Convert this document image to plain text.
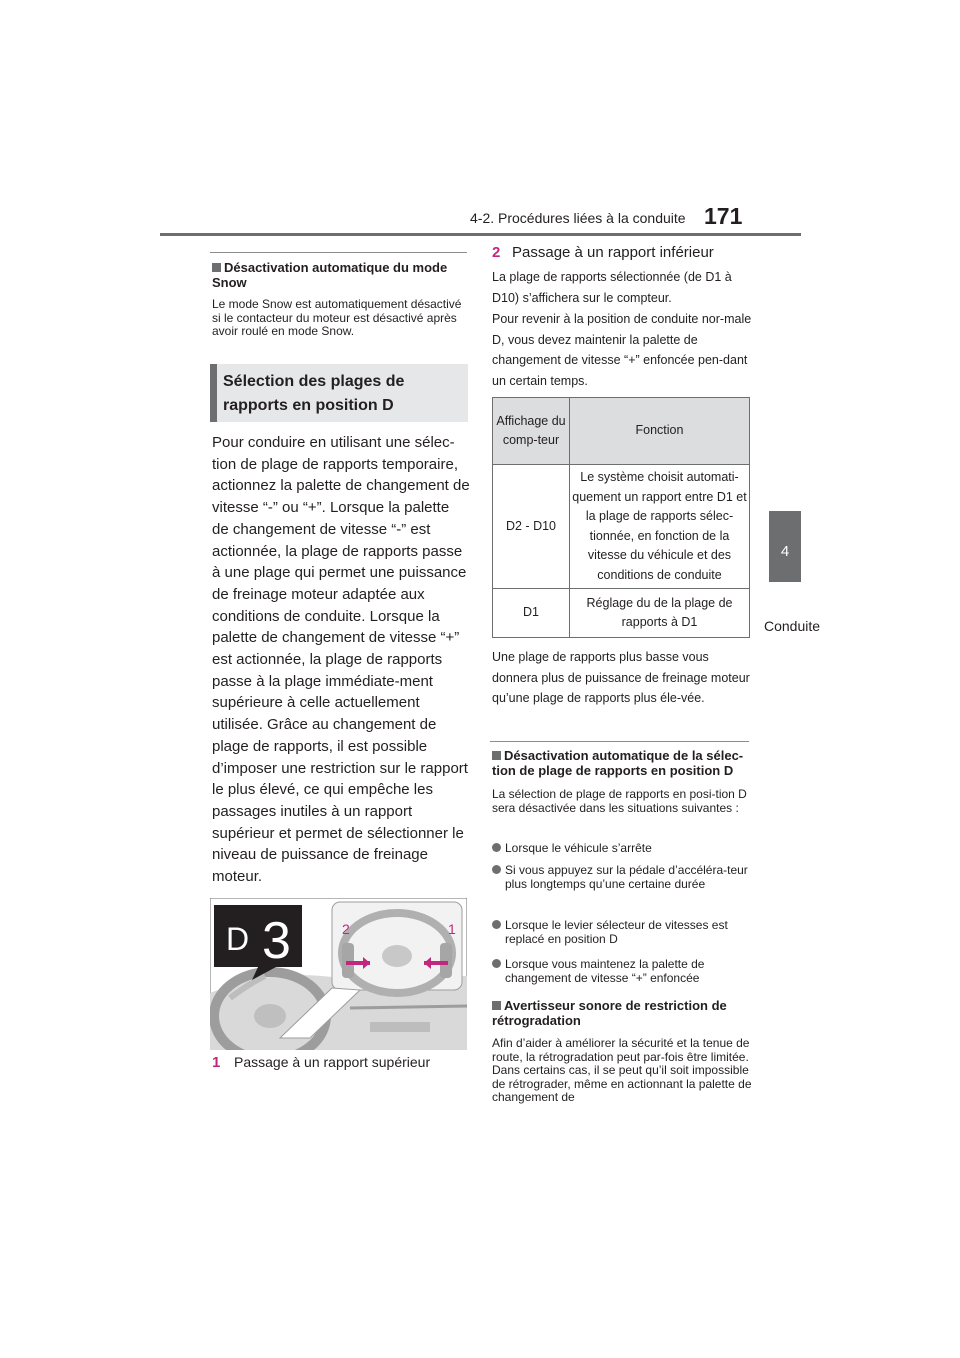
4-2. Procédures liées à la conduite 171
4
Conduite
Désactivation automatique du mode Snow
Le mode Snow est automatiquement désactivé si le contacteur du moteur est désactivé après avoir roulé en mode Snow.
Sélection des plages de rapports en position D
Pour conduire en utilisant une sélec-tion de plage de rapports temporaire, actionnez la palette de changement de vitesse “-” ou “+”. Lorsque la palette de changement de vitesse “-” est actionnée, la plage de rapports passe à une plage qui permet une puissance de freinage moteur adaptée aux conditions de conduite. Lorsque la palette de changement de vitesse “+” est actionnée, la plage de rapports passe à la plage immédiate-ment supérieure à celle actuellement utilisée. Grâce au changement de plage de rapports, il est possible d’imposer une restriction sur le rapport le plus élevé, ce qui empêche les passages inutiles à un rapport supérieur et permet de sélectionner le niveau de puissance de freinage moteur.
D 3	2	1
1 Passage à un rapport supérieur
2 Passage à un rapport inférieur
La plage de rapports sélectionnée (de D1 à D10) s’affichera sur le compteur.
Pour revenir à la position de conduite nor-male D, vous devez maintenir la palette de changement de vitesse “+” enfoncée pen-dant un certain temps.
Affichage du comp-teur	Fonction
D2 - D10	Le système choisit automati-quement un rapport entre D1 et la plage de rapports sélec-tionnée, en fonction de la vitesse du véhicule et des conditions de conduite
D1	Réglage du de la plage de rapports à D1
Une plage de rapports plus basse vous donnera plus de puissance de freinage moteur qu’une plage de rapports plus éle-vée.
Désactivation automatique de la sélec-tion de plage de rapports en position D
La sélection de plage de rapports en posi-tion D sera désactivée dans les situations suivantes :
Lorsque le véhicule s’arrête
Si vous appuyez sur la pédale d’accéléra-teur plus longtemps qu’une certaine durée
Lorsque le levier sélecteur de vitesses est replacé en position D
Lorsque vous maintenez la palette de changement de vitesse “+” enfoncée
Avertisseur sonore de restriction de rétrogradation
Afin d’aider à améliorer la sécurité et la tenue de route, la rétrogradation peut par-fois être limitée. Dans certains cas, il se peut qu’il soit impossible de rétrograder, même en actionnant la palette de changement de
